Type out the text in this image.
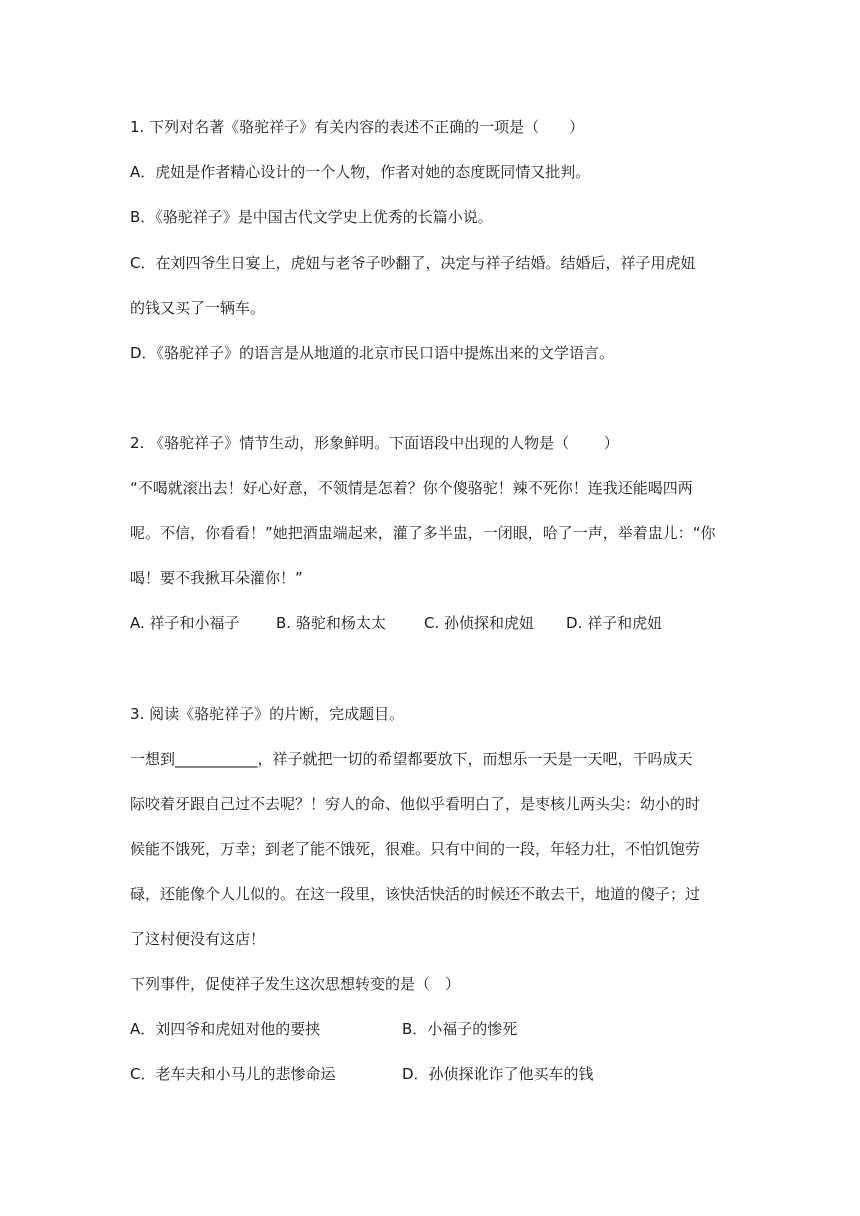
1. 下列对名著《骆驼祥子》有关内容的表述不正确的一项是（　　）
A．虎妞是作者精心设计的一个人物，作者对她的态度既同情又批判。
B．《骆驼祥子》是中国古代文学史上优秀的长篇小说。
C．在刘四爷生日宴上，虎妞与老爷子吵翻了，决定与祥子结婚。结婚后，祥子用虎妞
的钱又买了一辆车。
D．《骆驼祥子》的语言是从地道的北京市民口语中提炼出来的文学语言。
2. 《骆驼祥子》情节生动，形象鲜明。下面语段中出现的人物是（　　 ）
“不喝就滚出去！好心好意，不领情是怎着？你个傻骆驼！辣不死你！连我还能喝四两
呢。不信，你看看！”她把酒盅端起来，灌了多半盅，一闭眼，哈了一声，举着盅儿：“你
喝！要不我揪耳朵灌你！”
A. 祥子和小福子 B. 骆驼和杨太太	C. 孙侦探和虎妞 D. 祥子和虎妞
3. 阅读《骆驼祥子》的片断，完成题目。
一想到___________，祥子就把一切的希望都要放下，而想乐一天是一天吧，干吗成天
际咬着牙跟自己过不去呢？！穷人的命、他似乎看明白了，是枣核儿两头尖：幼小的时
候能不饿死，万幸；到老了能不饿死，很难。只有中间的一段，年轻力壮，不怕饥饱劳
碌，还能像个人儿似的。在这一段里，该快活快活的时候还不敢去干，地道的傻子；过
了这村便没有这店！
下列事件，促使祥子发生这次思想转变的是（　）
A．刘四爷和虎妞对他的要挟	B．小福子的惨死
C．老车夫和小马儿的悲惨命运	D．孙侦探讹诈了他买车的钱
